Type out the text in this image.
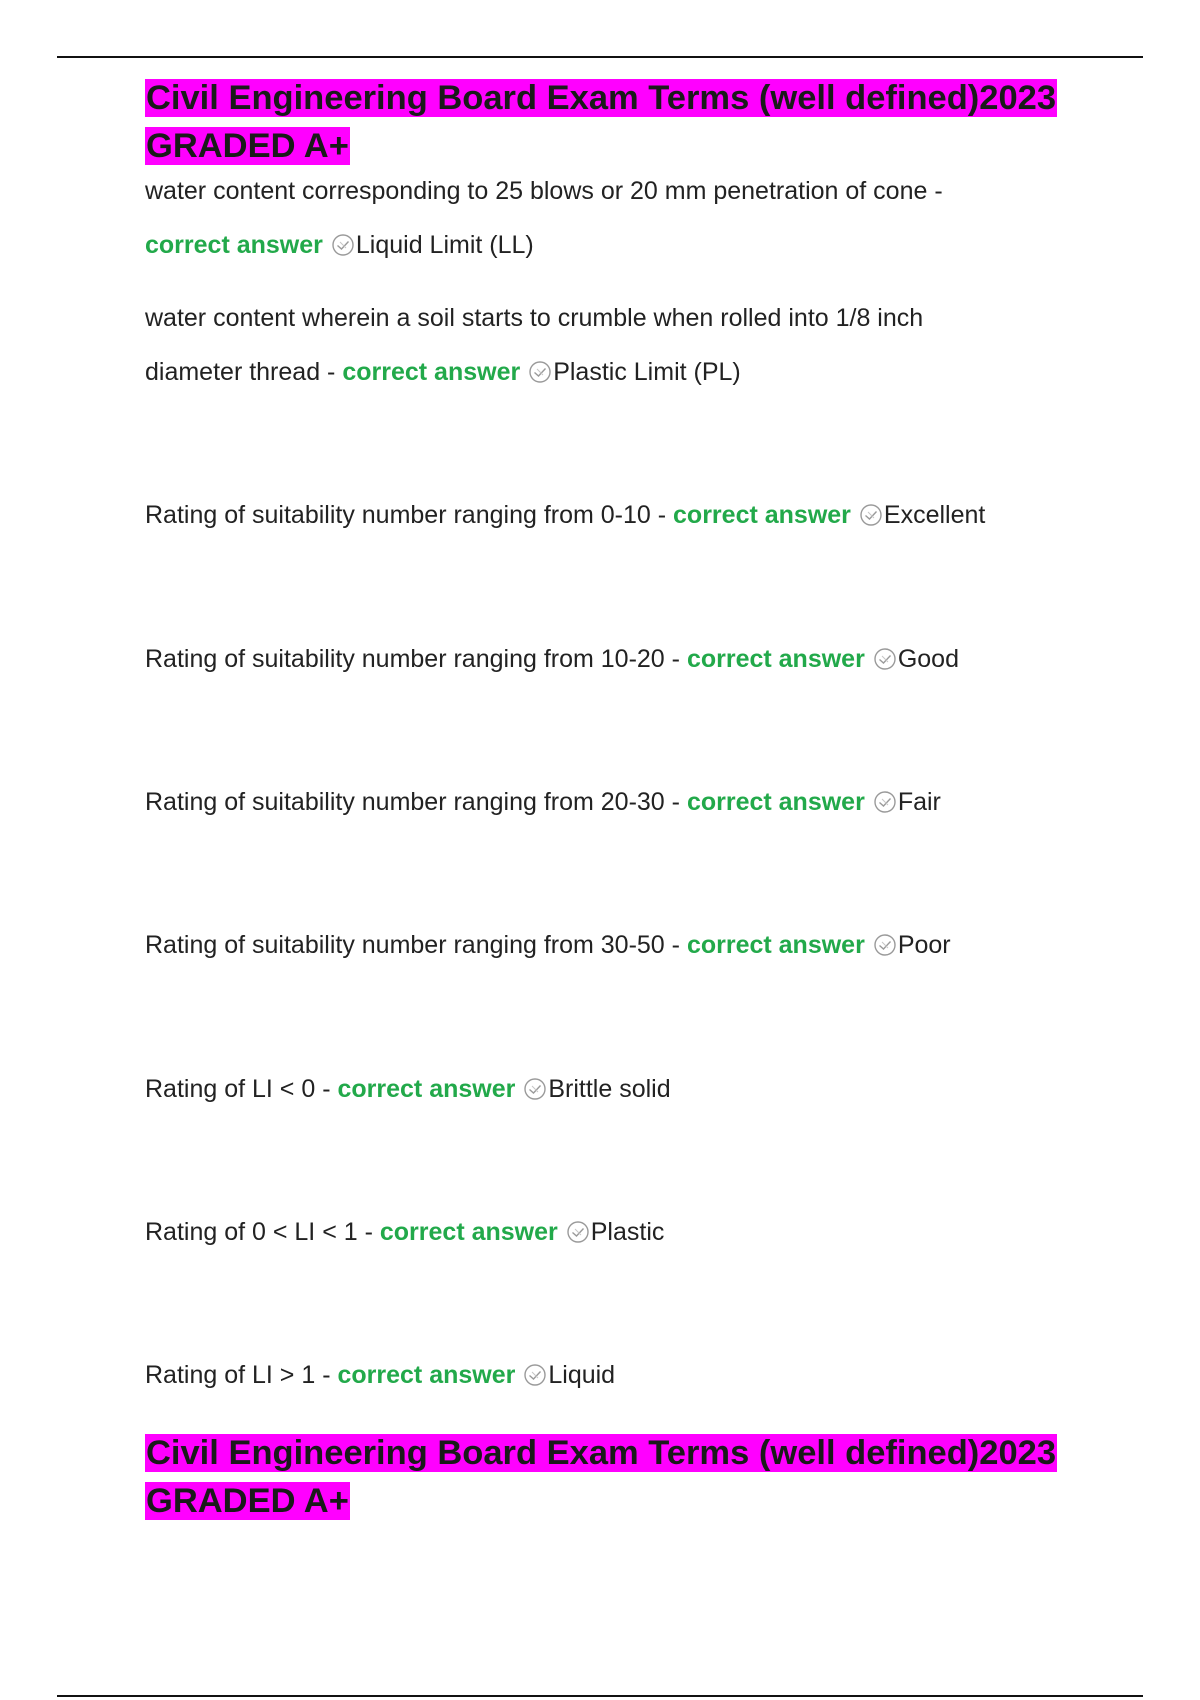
Civil Engineering Board Exam Terms (well defined)2023 GRADED A+
water content corresponding to 25 blows or 20 mm penetration of cone -
correct answer Liquid Limit (LL)
water content wherein a soil starts to crumble when rolled into 1/8 inch
diameter thread - correct answer Plastic Limit (PL)
Rating of suitability number ranging from 0-10 - correct answer Excellent
Rating of suitability number ranging from 10-20 - correct answer Good
Rating of suitability number ranging from 20-30 - correct answer Fair
Rating of suitability number ranging from 30-50 - correct answer Poor
Rating of LI < 0 - correct answer Brittle solid
Rating of 0 < LI < 1 - correct answer Plastic
Rating of LI > 1 - correct answer Liquid
Civil Engineering Board Exam Terms (well defined)2023 GRADED A+
